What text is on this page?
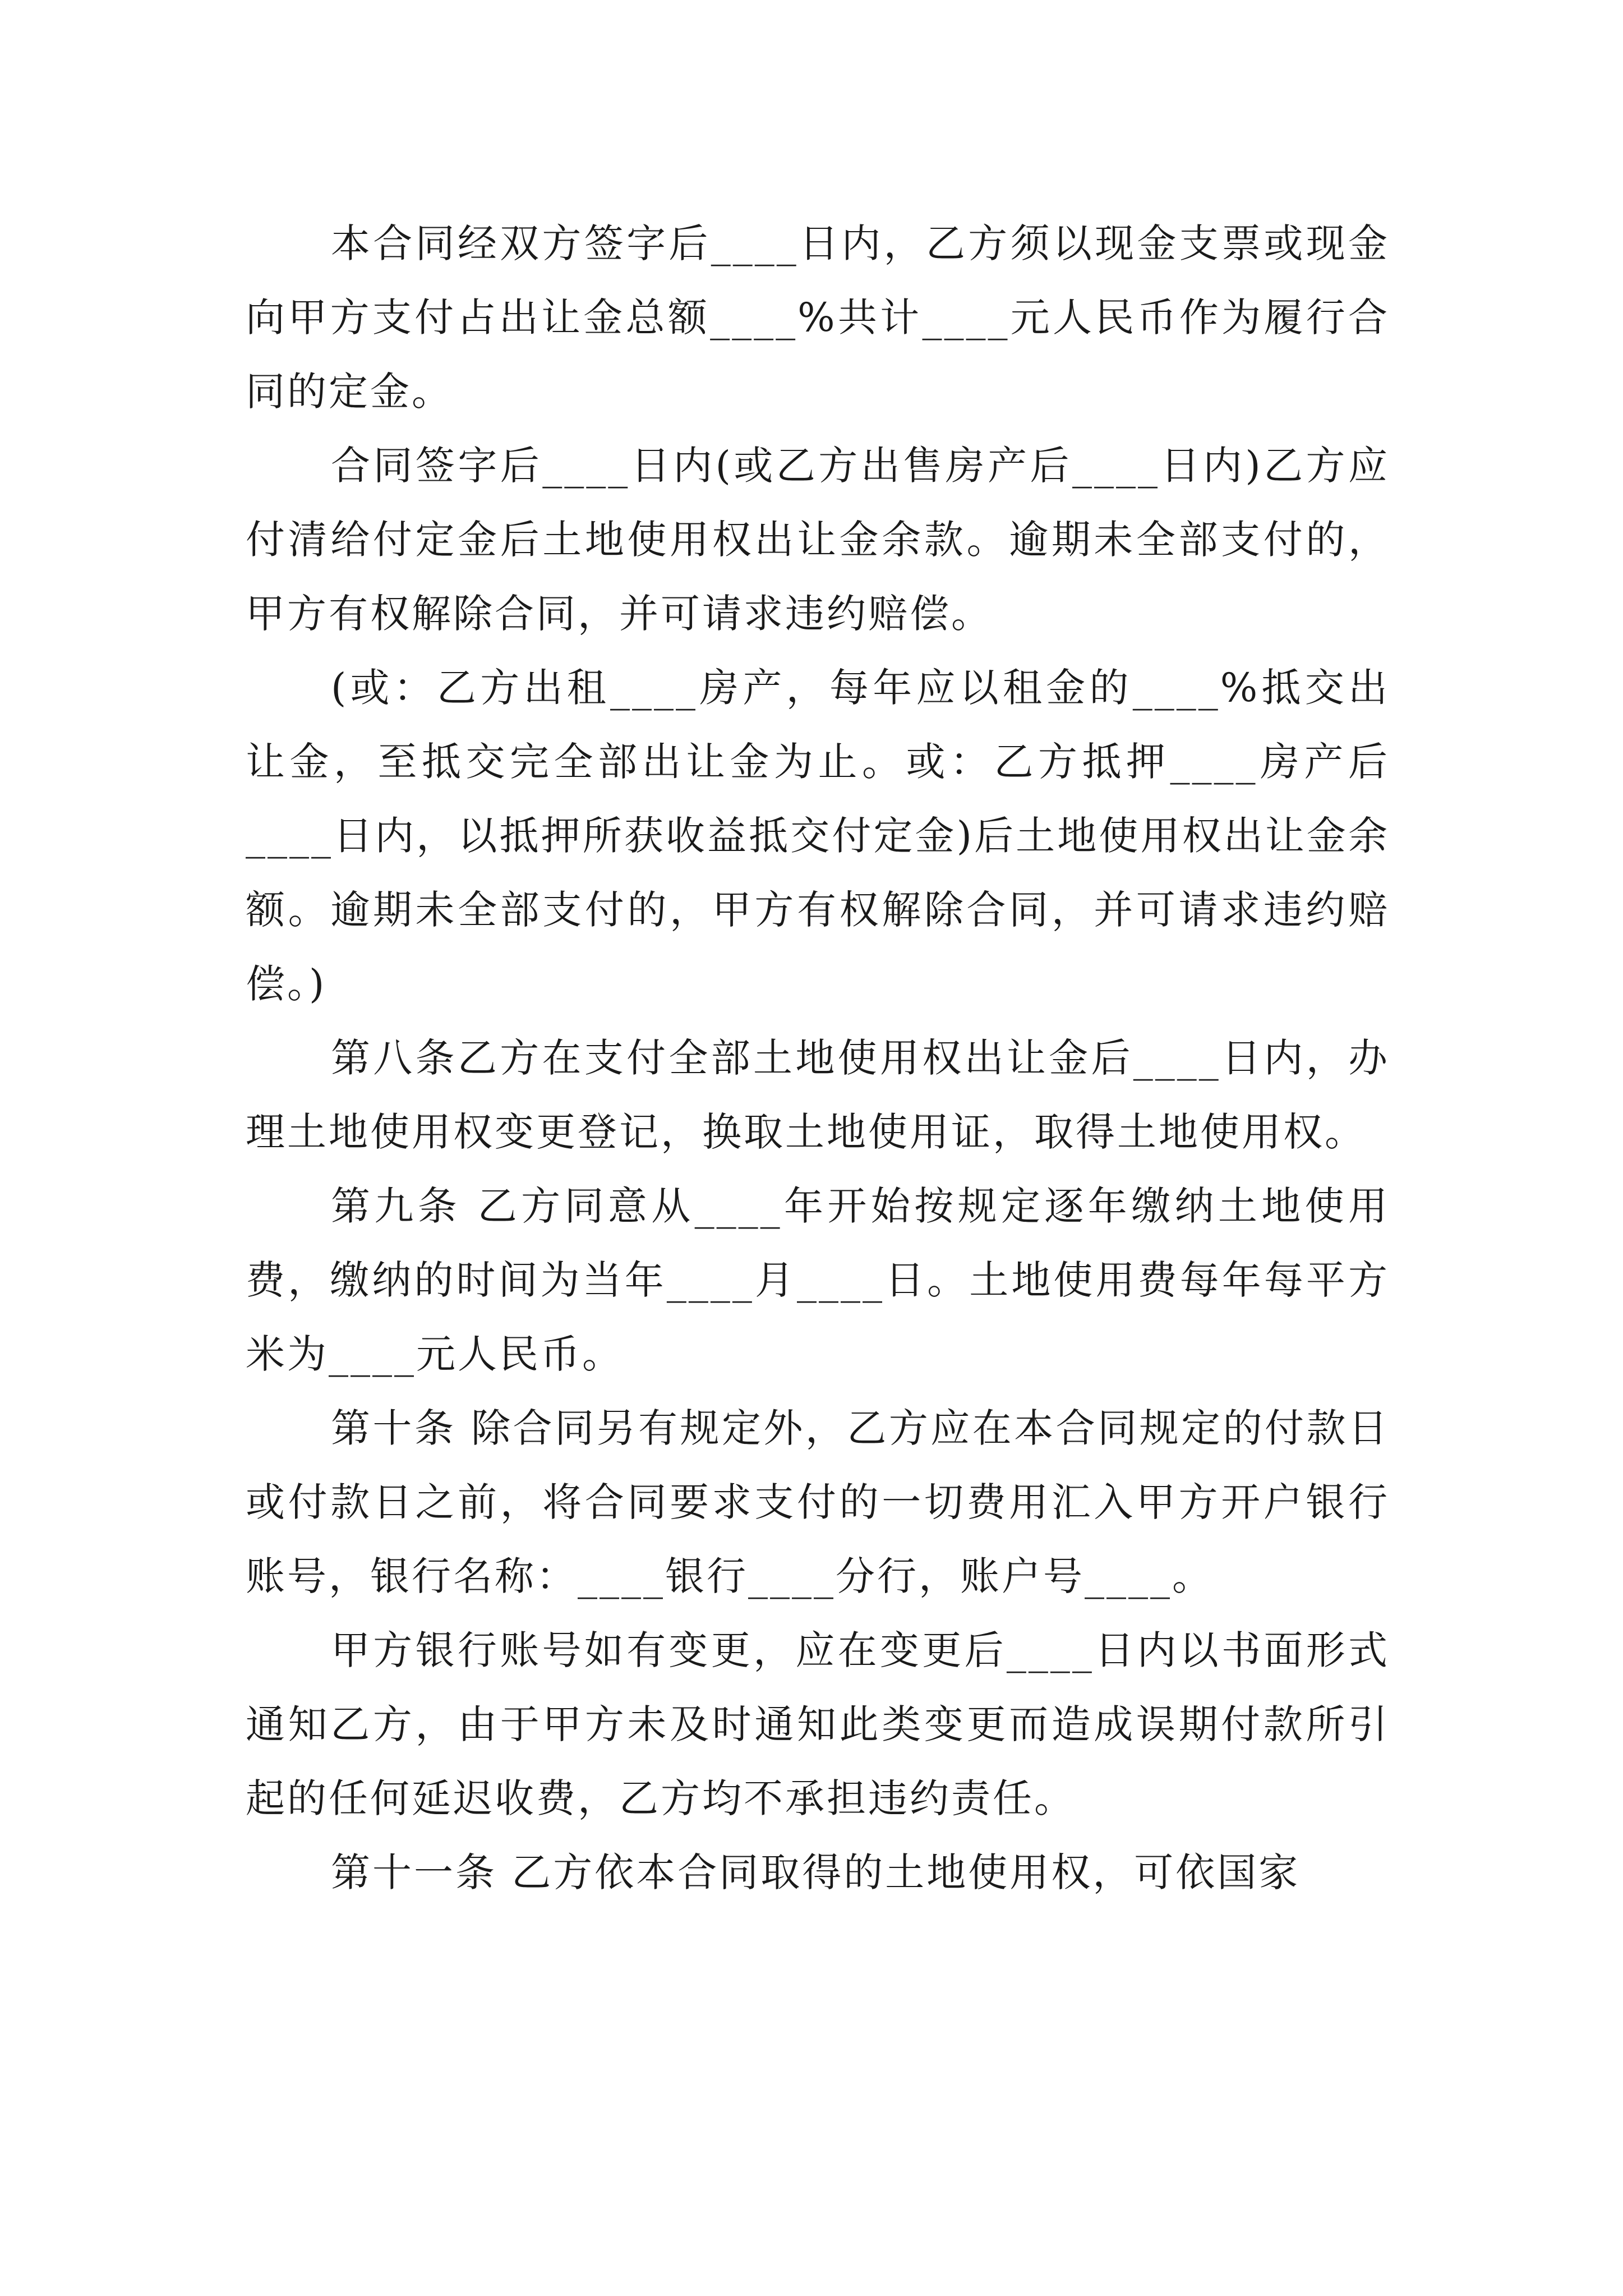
本合同经双方签字后____日内，乙方须以现金支票或现金向甲方支付占出让金总额____%共计____元人民币作为履行合同的定金。

合同签字后____日内(或乙方出售房产后____日内)乙方应付清给付定金后土地使用权出让金余款。逾期未全部支付的，甲方有权解除合同，并可请求违约赔偿。

(或：乙方出租____房产，每年应以租金的____%抵交出让金，至抵交完全部出让金为止。或：乙方抵押____房产后____日内，以抵押所获收益抵交付定金)后土地使用权出让金余额。逾期未全部支付的，甲方有权解除合同，并可请求违约赔偿。)

第八条乙方在支付全部土地使用权出让金后____日内，办理土地使用权变更登记，换取土地使用证，取得土地使用权。

第九条 乙方同意从____年开始按规定逐年缴纳土地使用费，缴纳的时间为当年____月____日。土地使用费每年每平方米为____元人民币。

第十条 除合同另有规定外，乙方应在本合同规定的付款日或付款日之前，将合同要求支付的一切费用汇入甲方开户银行账号，银行名称：____银行____分行，账户号____。

甲方银行账号如有变更，应在变更后____日内以书面形式通知乙方，由于甲方未及时通知此类变更而造成误期付款所引起的任何延迟收费，乙方均不承担违约责任。

第十一条 乙方依本合同取得的土地使用权，可依国家
